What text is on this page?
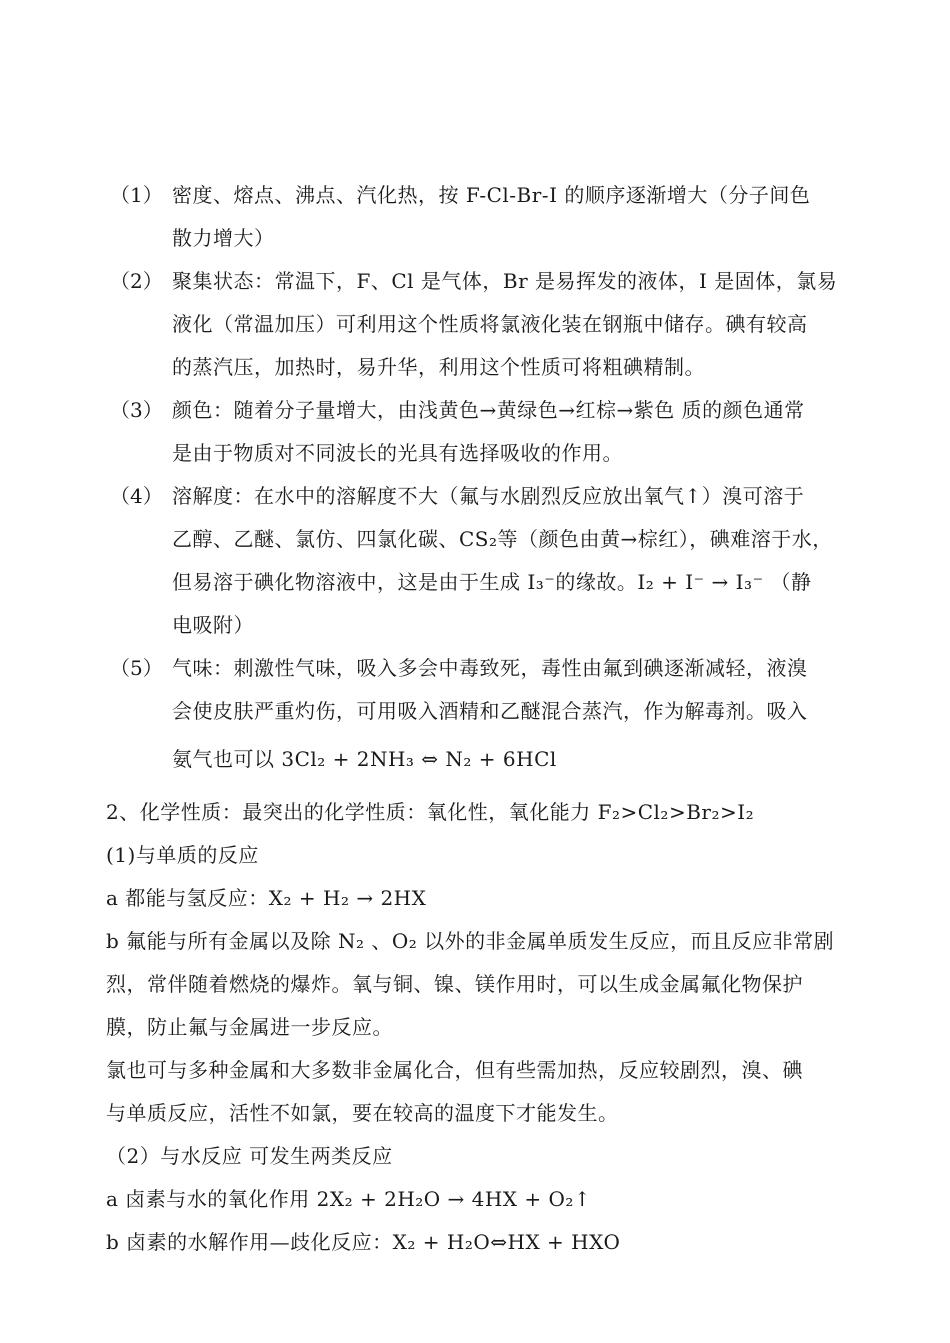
（1） 密度、熔点、沸点、汽化热，按 F-Cl-Br-I 的顺序逐渐增大（分子间色
散力增大）
（2） 聚集状态：常温下，F、Cl 是气体，Br 是易挥发的液体，I 是固体，氯易
液化（常温加压）可利用这个性质将氯液化装在钢瓶中储存。碘有较高
的蒸汽压，加热时，易升华，利用这个性质可将粗碘精制。
（3） 颜色：随着分子量增大，由浅黄色→黄绿色→红棕→紫色 质的颜色通常
是由于物质对不同波长的光具有选择吸收的作用。
（4） 溶解度：在水中的溶解度不大（氟与水剧烈反应放出氧气↑）溴可溶于
乙醇、乙醚、氯仿、四氯化碳、CS₂等（颜色由黄→棕红），碘难溶于水，
但易溶于碘化物溶液中，这是由于生成 I₃⁻的缘故。I₂ + I⁻ → I₃⁻ （静
电吸附）
（5） 气味：刺激性气味，吸入多会中毒致死，毒性由氟到碘逐渐减轻，液溴
会使皮肤严重灼伤，可用吸入酒精和乙醚混合蒸汽，作为解毒剂。吸入
氨气也可以 3Cl₂ + 2NH₃ ⇔ N₂ + 6HCl
2、化学性质：最突出的化学性质：氧化性，氧化能力 F₂>Cl₂>Br₂>I₂
(1)与单质的反应
a 都能与氢反应：X₂ + H₂ → 2HX
b 氟能与所有金属以及除 N₂ 、O₂ 以外的非金属单质发生反应，而且反应非常剧
烈，常伴随着燃烧的爆炸。氧与铜、镍、镁作用时，可以生成金属氟化物保护
膜，防止氟与金属进一步反应。
氯也可与多种金属和大多数非金属化合，但有些需加热，反应较剧烈，溴、碘
与单质反应，活性不如氯，要在较高的温度下才能发生。
（2）与水反应 可发生两类反应
a 卤素与水的氧化作用 2X₂ + 2H₂O → 4HX + O₂↑
b 卤素的水解作用—歧化反应：X₂ + H₂O⇔HX + HXO
